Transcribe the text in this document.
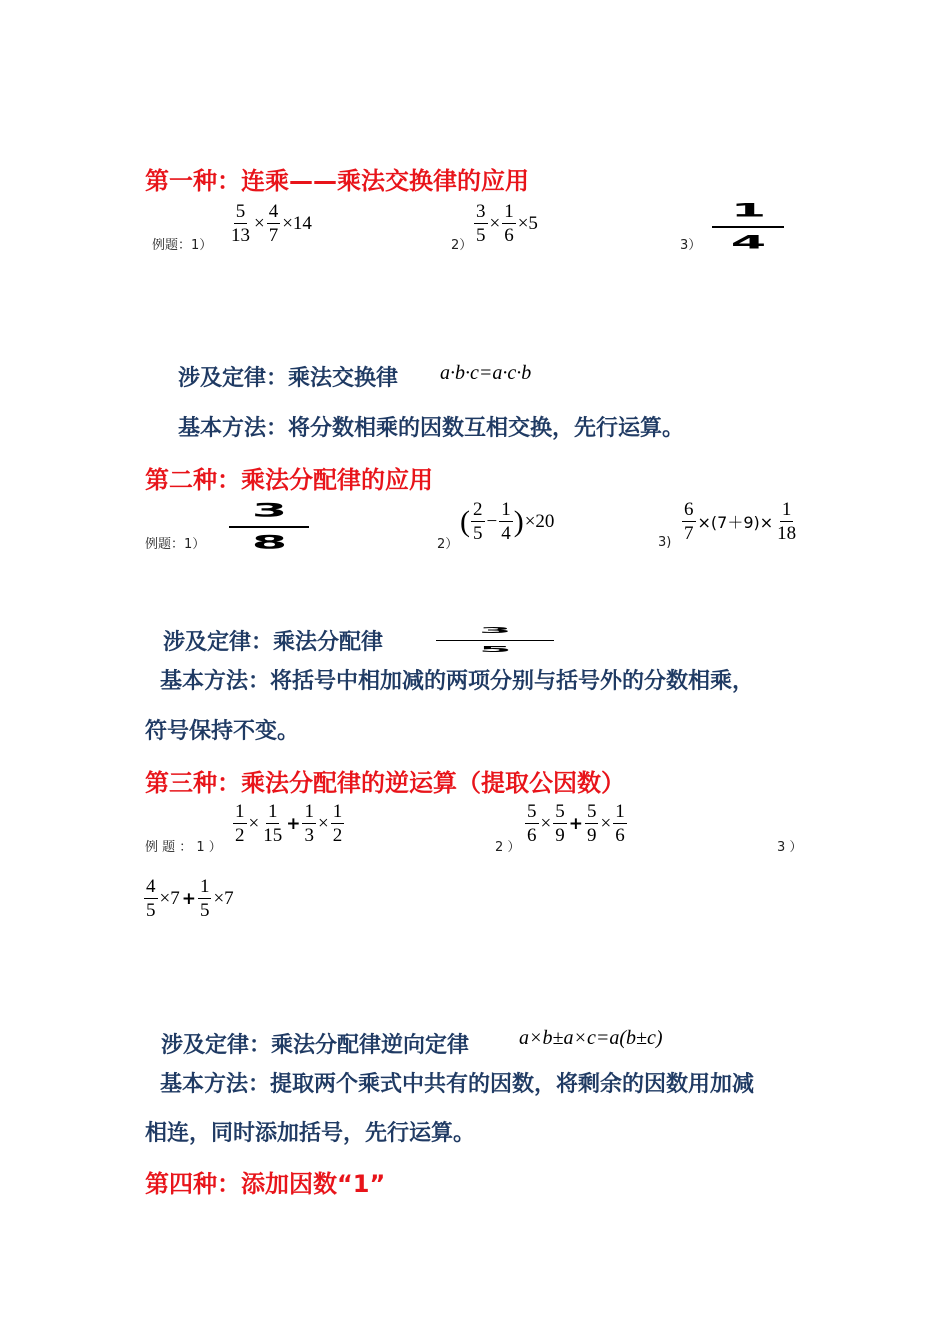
第一种：连乘——乘法交换律的应用
例题：1）
$\frac{5}{13} \times \frac{4}{7} \times 14$
2）
$\frac{3}{5} \times \frac{1}{6} \times 5$
$3) \frac{1}{4}$
涉及定律：乘法交换律 a·b·c=a·c·b
基本方法：将分数相乘的因数互相交换，先行运算。
第二种：乘法分配律的应用
例题：$1) \frac{3}{8}$	2）
( $\frac{2}{5} - \frac{1}{4}$ ) ×20
$3) \frac{6}{7} \times(7+9)\times \frac{1}{18}$
涉及定律：乘法分配律	$\frac{3}{5}$
基本方法：将括号中相加减的两项分别与括号外的分数相乘，
符号保持不变。
第三种：乘法分配律的逆运算（提取公因数）
例 题 ： 1 ）
$\frac{1}{2} \times \frac{1}{15} + \frac{1}{3} \times \frac{1}{2}$
2 ）
$\frac{5}{6} \times \frac{5}{9} + \frac{5}{9} \times \frac{1}{6}$
3 ）
$\frac{4}{5} \times 7 + \frac{1}{5} \times 7$
涉及定律：乘法分配律逆向定律 a×b±a×c=a(b±c)
基本方法：提取两个乘式中共有的因数，将剩余的因数用加减
相连，同时添加括号，先行运算。
第四种：添加因数“1”
